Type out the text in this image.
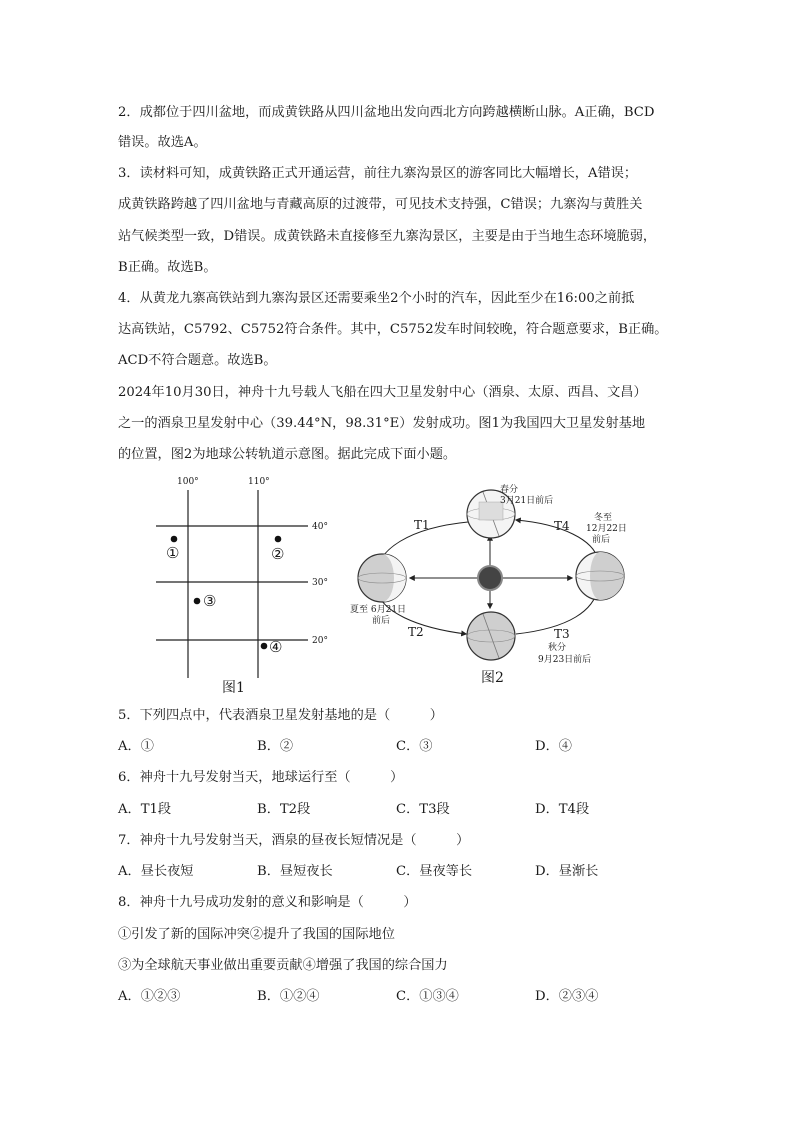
2．成都位于四川盆地，而成黄铁路从四川盆地出发向西北方向跨越横断山脉。A正确，BCD
错误。故选A。
3．读材料可知，成黄铁路正式开通运营，前往九寨沟景区的游客同比大幅增长，A错误；
成黄铁路跨越了四川盆地与青藏高原的过渡带，可见技术支持强，C错误；九寨沟与黄胜关
站气候类型一致，D错误。成黄铁路未直接修至九寨沟景区，主要是由于当地生态环境脆弱，
B正确。故选B。
4．从黄龙九寨高铁站到九寨沟景区还需要乘坐2个小时的汽车，因此至少在16:00之前抵
达高铁站，C5792、C5752符合条件。其中，C5752发车时间较晚，符合题意要求，B正确。
ACD不符合题意。故选B。
2024年10月30日，神舟十九号载人飞船在四大卫星发射中心（酒泉、太原、西昌、文昌）
之一的酒泉卫星发射中心（39.44°N，98.31°E）发射成功。图1为我国四大卫星发射基地
的位置，图2为地球公转轨道示意图。据此完成下面小题。
100°	110°
40°
30°
20°
①	②
③
④
图1
春分
3月21日前后
夏至 6月21日
前后
秋分
9月23日前后
冬至
12月22日
前后
T1
T2	T3
T4
图2
5．下列四点中，代表酒泉卫星发射基地的是（　　　）
A．①	B．②	C．③	D．④
6．神舟十九号发射当天，地球运行至（　　　）
A．T1段	B．T2段	C．T3段	D．T4段
7．神舟十九号发射当天，酒泉的昼夜长短情况是（　　　）
A．昼长夜短	B．昼短夜长	C．昼夜等长	D．昼渐长
8．神舟十九号成功发射的意义和影响是（　　　）
①引发了新的国际冲突②提升了我国的国际地位
③为全球航天事业做出重要贡献④增强了我国的综合国力
A．①②③	B．①②④	C．①③④	D．②③④
